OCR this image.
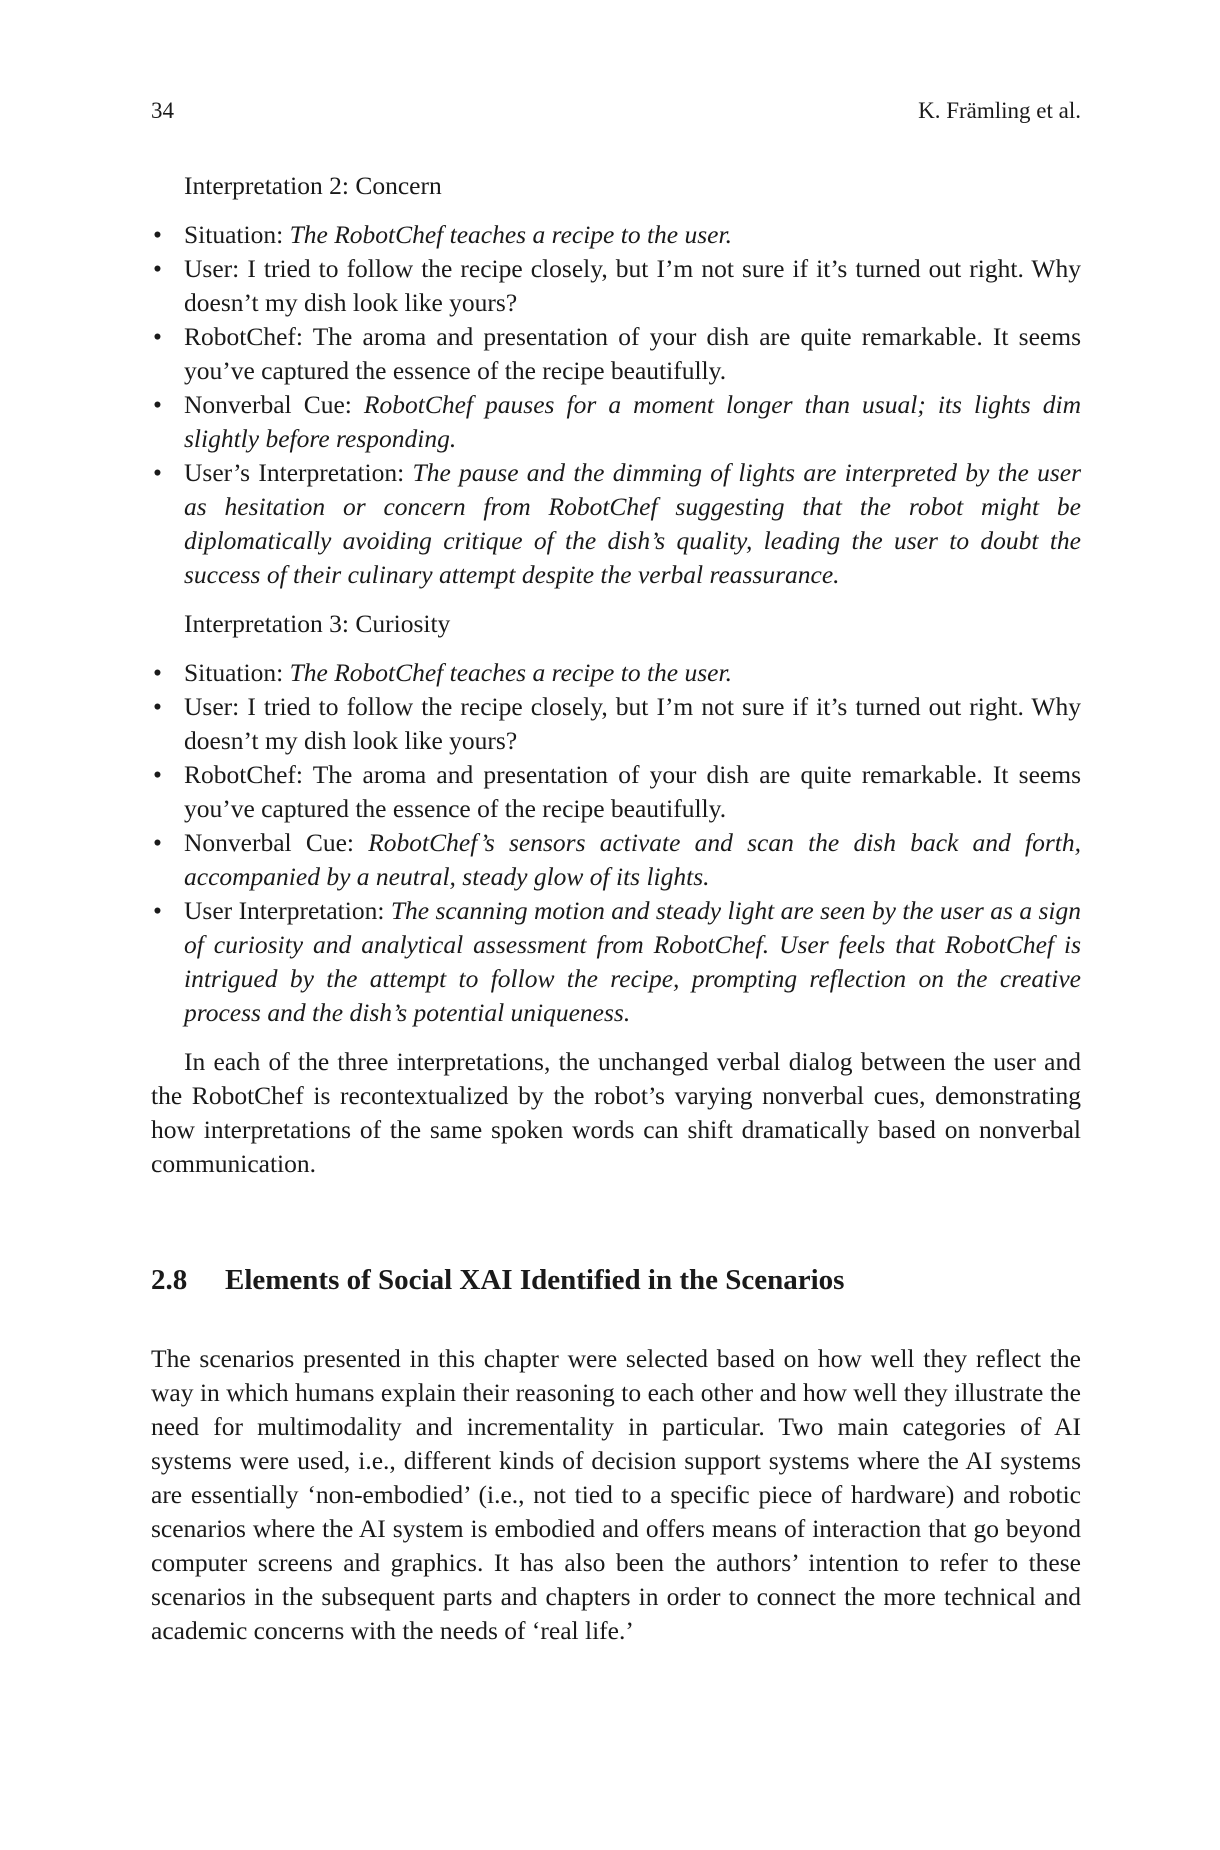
34	K. Främling et al.

Interpretation 2: Concern

• Situation: The RobotChef teaches a recipe to the user.
• User: I tried to follow the recipe closely, but I’m not sure if it’s turned out right. Why doesn’t my dish look like yours?
• RobotChef: The aroma and presentation of your dish are quite remarkable. It seems you’ve captured the essence of the recipe beautifully.
• Nonverbal Cue: RobotChef pauses for a moment longer than usual; its lights dim slightly before responding.
• User’s Interpretation: The pause and the dimming of lights are interpreted by the user as hesitation or concern from RobotChef suggesting that the robot might be diplomatically avoiding critique of the dish’s quality, leading the user to doubt the success of their culinary attempt despite the verbal reassurance.

Interpretation 3: Curiosity

• Situation: The RobotChef teaches a recipe to the user.
• User: I tried to follow the recipe closely, but I’m not sure if it’s turned out right. Why doesn’t my dish look like yours?
• RobotChef: The aroma and presentation of your dish are quite remarkable. It seems you’ve captured the essence of the recipe beautifully.
• Nonverbal Cue: RobotChef’s sensors activate and scan the dish back and forth, accompanied by a neutral, steady glow of its lights.
• User Interpretation: The scanning motion and steady light are seen by the user as a sign of curiosity and analytical assessment from RobotChef. User feels that RobotChef is intrigued by the attempt to follow the recipe, prompting reflection on the creative process and the dish’s potential uniqueness.

In each of the three interpretations, the unchanged verbal dialog between the user and the RobotChef is recontextualized by the robot’s varying nonverbal cues, demonstrating how interpretations of the same spoken words can shift dramatically based on nonverbal communication.

2.8 Elements of Social XAI Identified in the Scenarios

The scenarios presented in this chapter were selected based on how well they reflect the way in which humans explain their reasoning to each other and how well they illustrate the need for multimodality and incrementality in particular. Two main categories of AI systems were used, i.e., different kinds of decision support systems where the AI systems are essentially ‘non-embodied’ (i.e., not tied to a specific piece of hardware) and robotic scenarios where the AI system is embodied and offers means of interaction that go beyond computer screens and graphics. It has also been the authors’ intention to refer to these scenarios in the subsequent parts and chapters in order to connect the more technical and academic concerns with the needs of ‘real life.’
